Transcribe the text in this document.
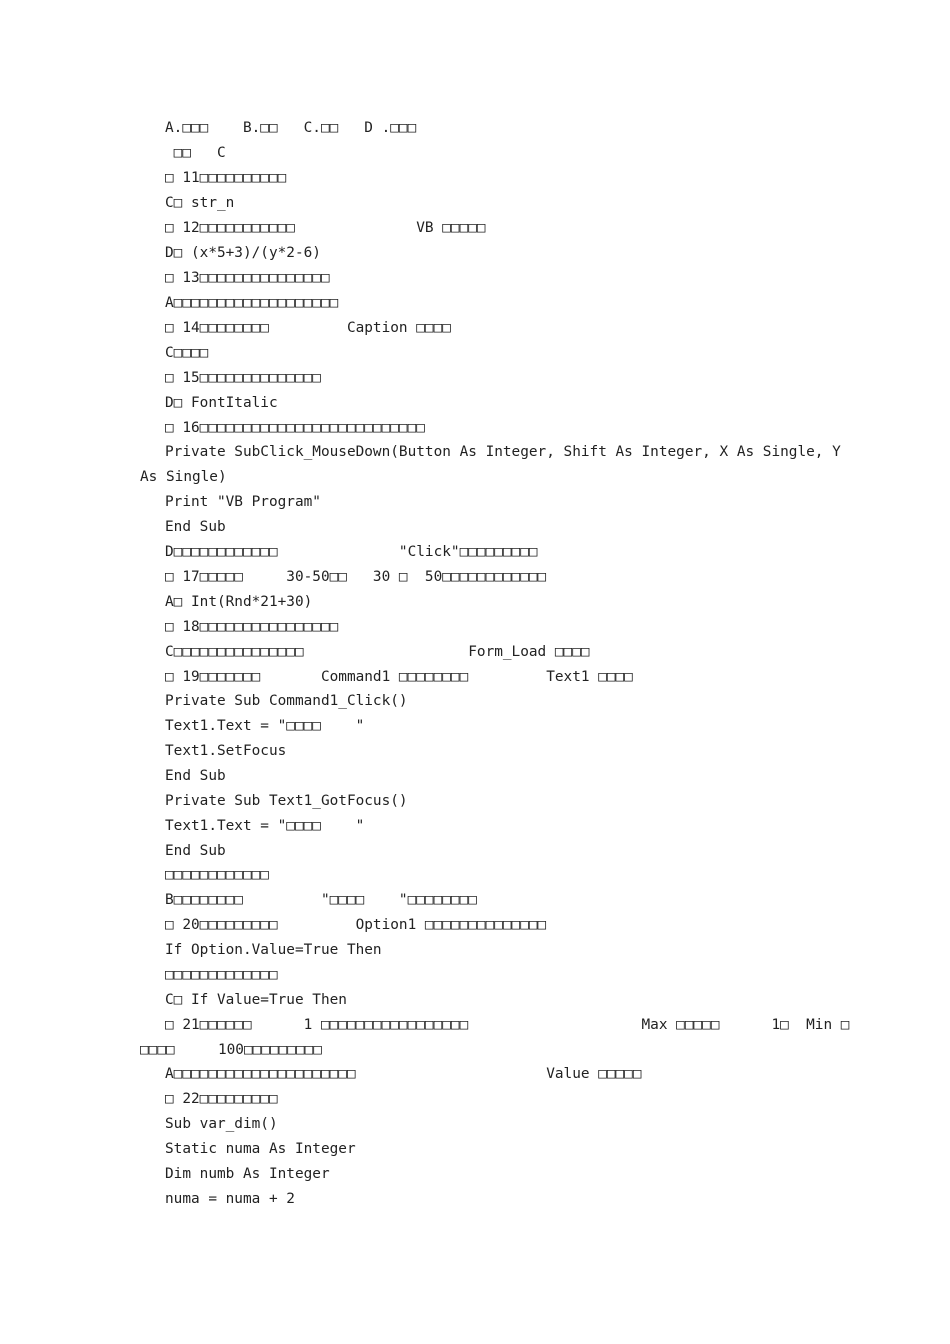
A.□□□    B.□□   C.□□   D .□□□
□□   C
□ 11□□□□□□□□□□
C□ str_n
□ 12□□□□□□□□□□□              VB □□□□□
D□ (x*5+3)/(y*2-6)
□ 13□□□□□□□□□□□□□□□
A□□□□□□□□□□□□□□□□□□□
□ 14□□□□□□□□         Caption □□□□
C□□□□
□ 15□□□□□□□□□□□□□□
D□ FontItalic
□ 16□□□□□□□□□□□□□□□□□□□□□□□□□□
Private SubClick_MouseDown(Button As Integer, Shift As Integer, X As Single, Y
As Single)
Print "VB Program"
End Sub
D□□□□□□□□□□□□              "Click"□□□□□□□□□
□ 17□□□□□     30-50□□   30 □  50□□□□□□□□□□□□
A□ Int(Rnd*21+30)
□ 18□□□□□□□□□□□□□□□□
C□□□□□□□□□□□□□□□                   Form_Load □□□□
□ 19□□□□□□□       Command1 □□□□□□□□         Text1 □□□□
Private Sub Command1_Click()
Text1.Text = "□□□□    "
Text1.SetFocus
End Sub
Private Sub Text1_GotFocus()
Text1.Text = "□□□□    "
End Sub
□□□□□□□□□□□□
B□□□□□□□□         "□□□□    "□□□□□□□□
□ 20□□□□□□□□□         Option1 □□□□□□□□□□□□□□
If Option.Value=True Then
□□□□□□□□□□□□□
C□ If Value=True Then
□ 21□□□□□□      1 □□□□□□□□□□□□□□□□□                    Max □□□□□      1□  Min □
□□□□     100□□□□□□□□□
A□□□□□□□□□□□□□□□□□□□□□                      Value □□□□□
□ 22□□□□□□□□□
Sub var_dim()
Static numa As Integer
Dim numb As Integer
numa = numa + 2
